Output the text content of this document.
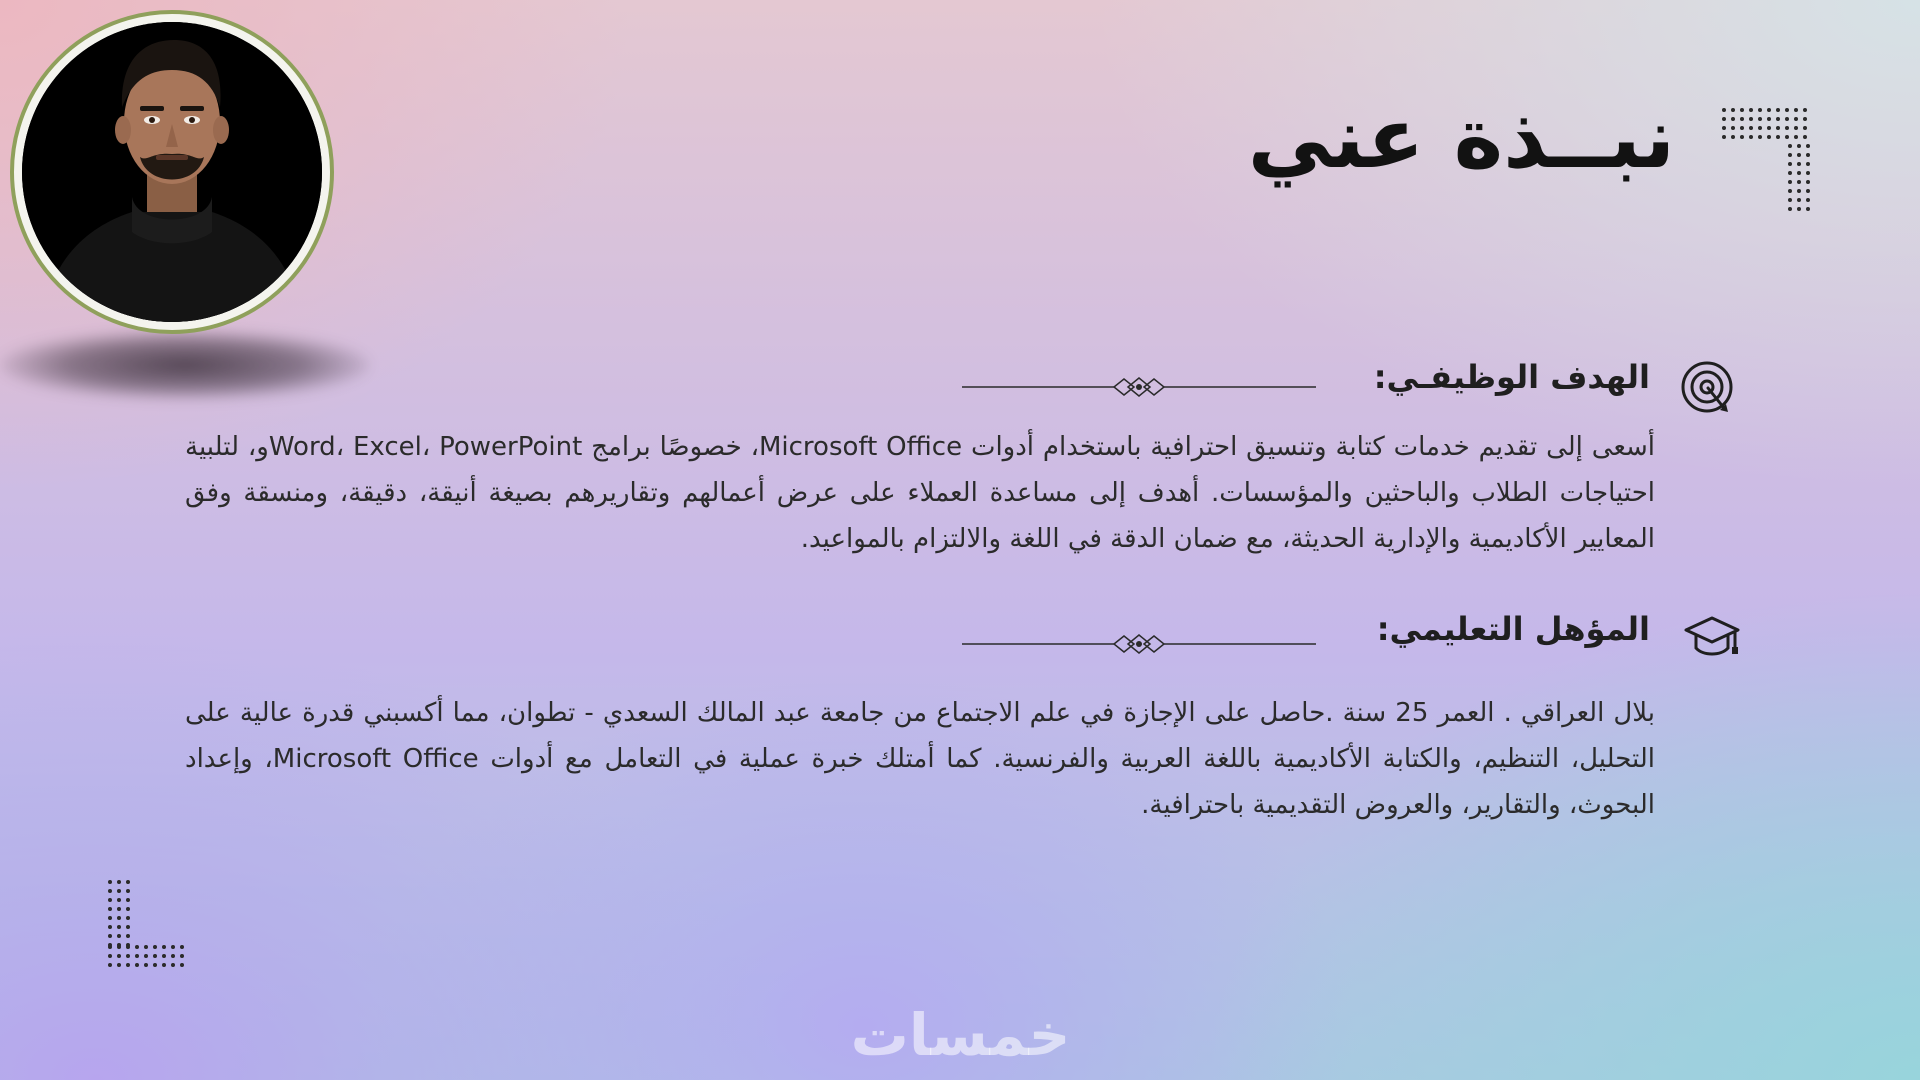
نبــذة عني
الهدف الوظيفـي:

أسعى إلى تقديم خدمات كتابة وتنسيق احترافية باستخدام أدوات Microsoft Office، خصوصًا برامج Word، Excel، PowerPointو، لتلبية احتياجات الطلاب والباحثين والمؤسسات. أهدف إلى مساعدة العملاء على عرض أعمالهم وتقاريرهم بصيغة أنيقة، دقيقة، ومنسقة وفق المعايير الأكاديمية والإدارية الحديثة، مع ضمان الدقة في اللغة والالتزام بالمواعيد.

المؤهل التعليمي:

بلال العراقي . العمر 25 سنة .حاصل على الإجازة في علم الاجتماع من جامعة عبد المالك السعدي - تطوان، مما أكسبني قدرة عالية على التحليل، التنظيم، والكتابة الأكاديمية باللغة العربية والفرنسية. كما أمتلك خبرة عملية في التعامل مع أدوات Microsoft Office، وإعداد البحوث، والتقارير، والعروض التقديمية باحترافية.

خمسات
